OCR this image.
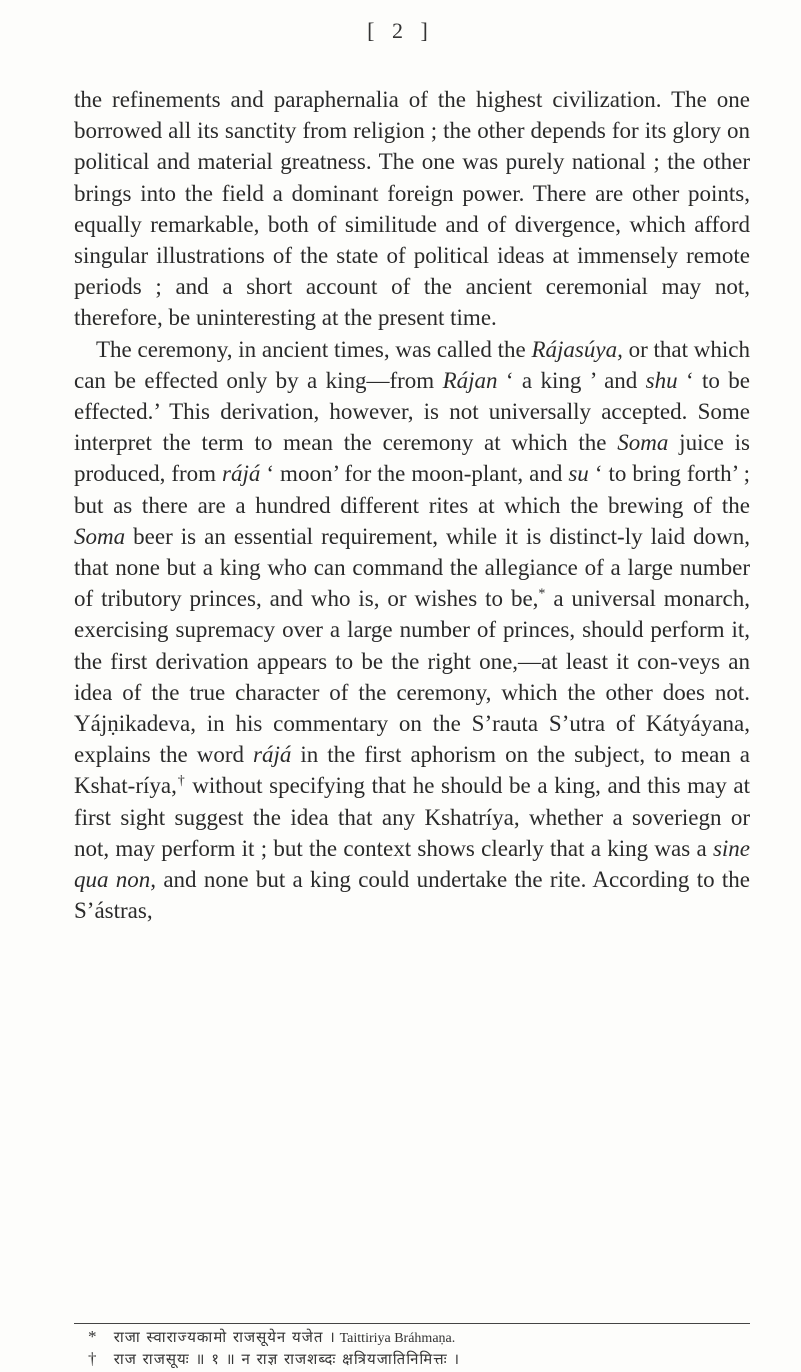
[ 2 ]

the refinements and paraphernalia of the highest civilization. The one borrowed all its sanctity from religion ; the other depends for its glory on political and material greatness. The one was purely national ; the other brings into the field a dominant foreign power. There are other points, equally remarkable, both of similitude and of divergence, which afford singular illustrations of the state of political ideas at immensely remote periods ; and a short account of the ancient ceremonial may not, therefore, be uninteresting at the present time.

The ceremony, in ancient times, was called the Rájasúya, or that which can be effected only by a king—from Rájan ‘ a king ’ and shu ‘ to be effected.’ This derivation, however, is not universally accepted. Some interpret the term to mean the ceremony at which the Soma juice is produced, from rájá ‘ moon’ for the moon-plant, and su ‘ to bring forth’ ; but as there are a hundred different rites at which the brewing of the Soma beer is an essential requirement, while it is distinct-ly laid down, that none but a king who can command the allegiance of a large number of tributory princes, and who is, or wishes to be,* a universal monarch, exercising supremacy over a large number of princes, should perform it, the first derivation appears to be the right one,—at least it con-veys an idea of the true character of the ceremony, which the other does not. Yájṇikadeva, in his commentary on the S’rauta S’utra of Kátyáyana, explains the word rájá in the first aphorism on the subject, to mean a Kshat-ríya,† without specifying that he should be a king, and this may at first sight suggest the idea that any Kshatríya, whether a soveriegn or not, may perform it ; but the context shows clearly that a king was a sine qua non, and none but a king could undertake the rite. According to the S’ástras,

* राजा स्वाराज्यकामो राजसूयेन यजेत । Taittiriya Bráhmaṇa.
† राज राजसूयः ॥ १ ॥ न राज्ञ राजशब्दः क्षत्रियजातिनिमित्तः ।
